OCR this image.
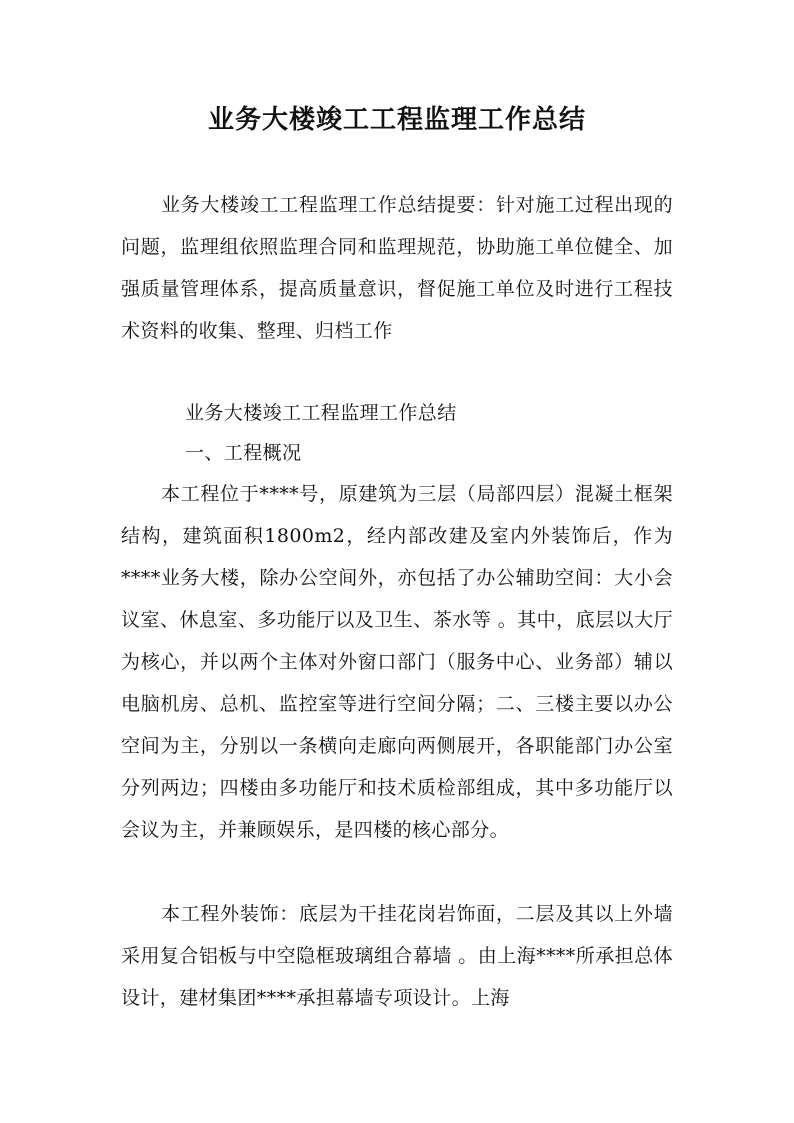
业务大楼竣工工程监理工作总结
业务大楼竣工工程监理工作总结提要：针对施工过程出现的问题，监理组依照监理合同和监理规范，协助施工单位健全、加强质量管理体系，提高质量意识，督促施工单位及时进行工程技术资料的收集、整理、归档工作
业务大楼竣工工程监理工作总结
一、工程概况
本工程位于****号，原建筑为三层（局部四层）混凝土框架结构，建筑面积1800m2，经内部改建及室内外装饰后，作为****业务大楼，除办公空间外，亦包括了办公辅助空间：大小会议室、休息室、多功能厅以及卫生、茶水等 。其中，底层以大厅为核心，并以两个主体对外窗口部门（服务中心、业务部）辅以电脑机房、总机、监控室等进行空间分隔；二、三楼主要以办公空间为主，分别以一条横向走廊向两侧展开，各职能部门办公室分列两边；四楼由多功能厅和技术质检部组成，其中多功能厅以会议为主，并兼顾娱乐，是四楼的核心部分。
本工程外装饰：底层为干挂花岗岩饰面，二层及其以上外墙采用复合铝板与中空隐框玻璃组合幕墙 。由上海****所承担总体设计，建材集团****承担幕墙专项设计。上海
